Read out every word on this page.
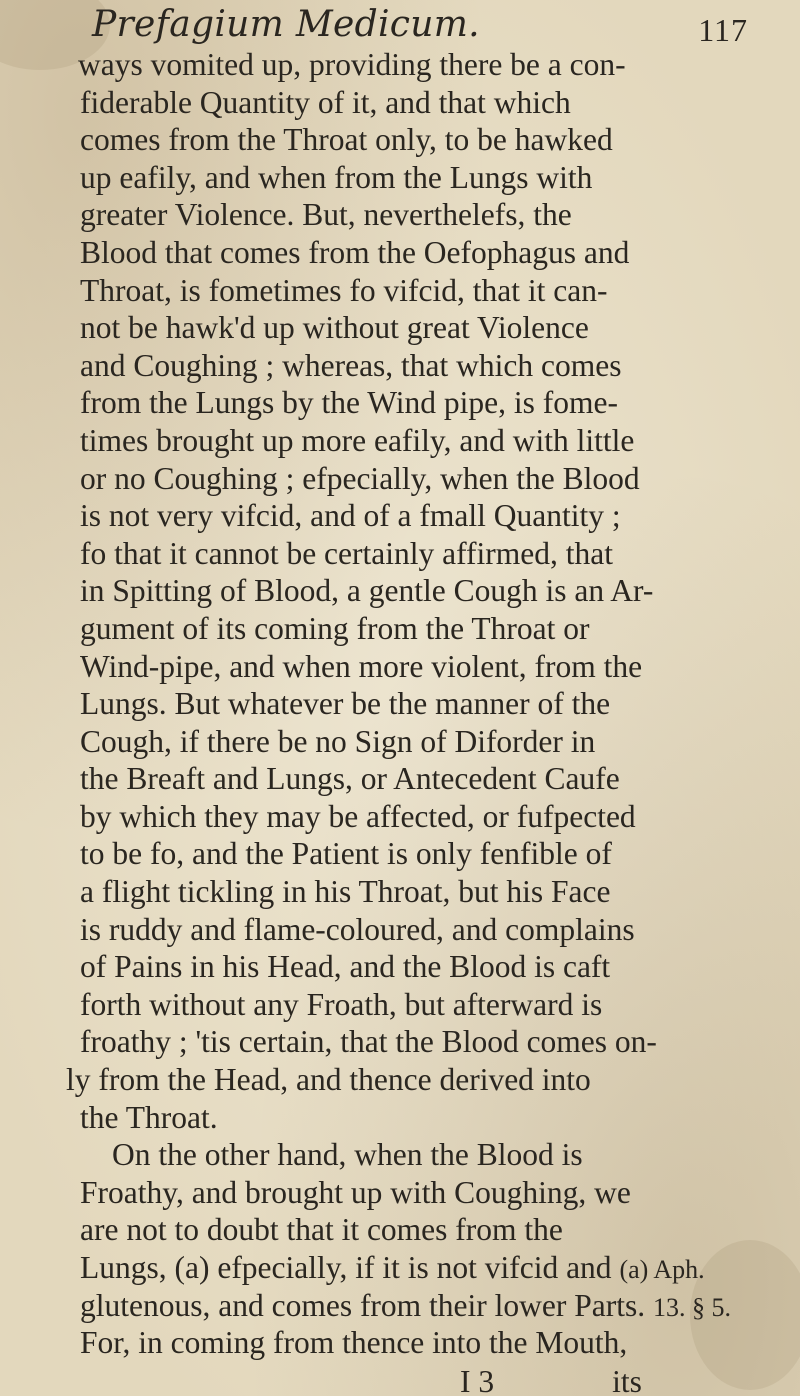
Prefagium Medicum.	117
ways vomited up, providing there be a con-
fiderable Quantity of it, and that which
comes from the Throat only, to be hawked
up eafily, and when from the Lungs with
greater Violence. But, neverthelefs, the
Blood that comes from the Oefophagus and
Throat, is fometimes fo vifcid, that it can-
not be hawk'd up without great Violence
and Coughing ; whereas, that which comes
from the Lungs by the Wind pipe, is fome-
times brought up more eafily, and with little
or no Coughing ; efpecially, when the Blood
is not very vifcid, and of a fmall Quantity ;
fo that it cannot be certainly affirmed, that
in Spitting of Blood, a gentle Cough is an Ar-
gument of its coming from the Throat or
Wind-pipe, and when more violent, from the
Lungs. But whatever be the manner of the
Cough, if there be no Sign of Diforder in
the Breaft and Lungs, or Antecedent Caufe
by which they may be affected, or fufpected
to be fo, and the Patient is only fenfible of
a flight tickling in his Throat, but his Face
is ruddy and flame-coloured, and complains
of Pains in his Head, and the Blood is caft
forth without any Froath, but afterward is
froathy ; 'tis certain, that the Blood comes on-
ly from the Head, and thence derived into
the Throat.
On the other hand, when the Blood is
Froathy, and brought up with Coughing, we
are not to doubt that it comes from the
Lungs, (a) efpecially, if it is not vifcid and (a) Aph.
glutenous, and comes from their lower Parts. 13. § 5.
For, in coming from thence into the Mouth,
I 3	its
